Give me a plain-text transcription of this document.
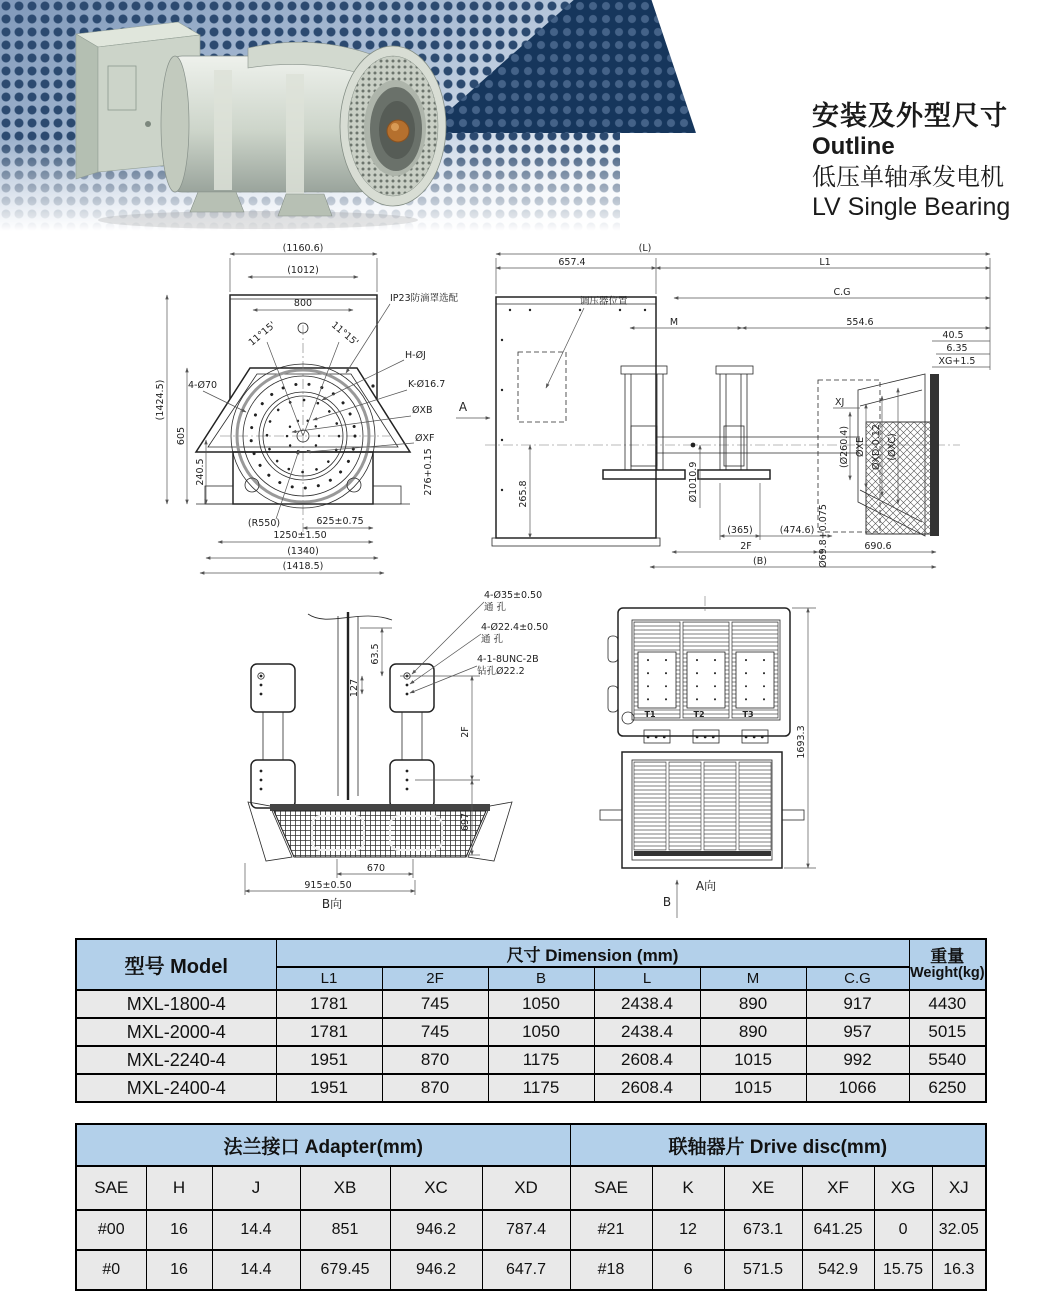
安装及外型尺寸
Outline
低压单轴承发电机
LV Single Bearing
(1160.6)
(1012)
800
11°15'	11°15'
(1424.5)
605
240.5
4-Ø70
IP23防滴罩选配
H-ØJ
K-Ø16.7
ØXB
ØXF
276+0.15
(R550)	625±0.75
1250±1.50
(1340)
(1418.5)
调压器位置
A
(L)
657.4	L1
C.G
M	554.6
40.5
6.35
XG+1.5
XJ
265.8	Ø1010.9
(365)	(474.6)
2F	690.6
(B)	Ø69.8+0.075
(Ø260.4) ØXE ØXD-0.12 (ØXC)
4-Ø35±0.50
通 孔
4-Ø22.4±0.50
通 孔
4-1-8UNC-2B
钻孔Ø22.2
63.5
127
2F
697
670
915±0.50
B向
T1	T2	T3
1693.3
A向
B
型号 Model	尺寸 Dimension (mm)						重量
Weight(kg)

	L1	2F	B	L	M	C.G	
MXL-1800-4	1781	745	1050	2438.4	890	917	4430
MXL-2000-4	1781	745	1050	2438.4	890	957	5015
MXL-2240-4	1951	870	1175	2608.4	1015	992	5540
MXL-2400-4	1951	870	1175	2608.4	1015	1066	6250
法兰接口 Adapter(mm)						联轴器片 Drive disc(mm)					
SAE	H	J	XB	XC	XD	SAE	K	XE	XF	XG	XJ
#00	16	14.4	851	946.2	787.4	#21	12	673.1	641.25	0	32.05
#0	16	14.4	679.45	946.2	647.7	#18	6	571.5	542.9	15.75	16.3
